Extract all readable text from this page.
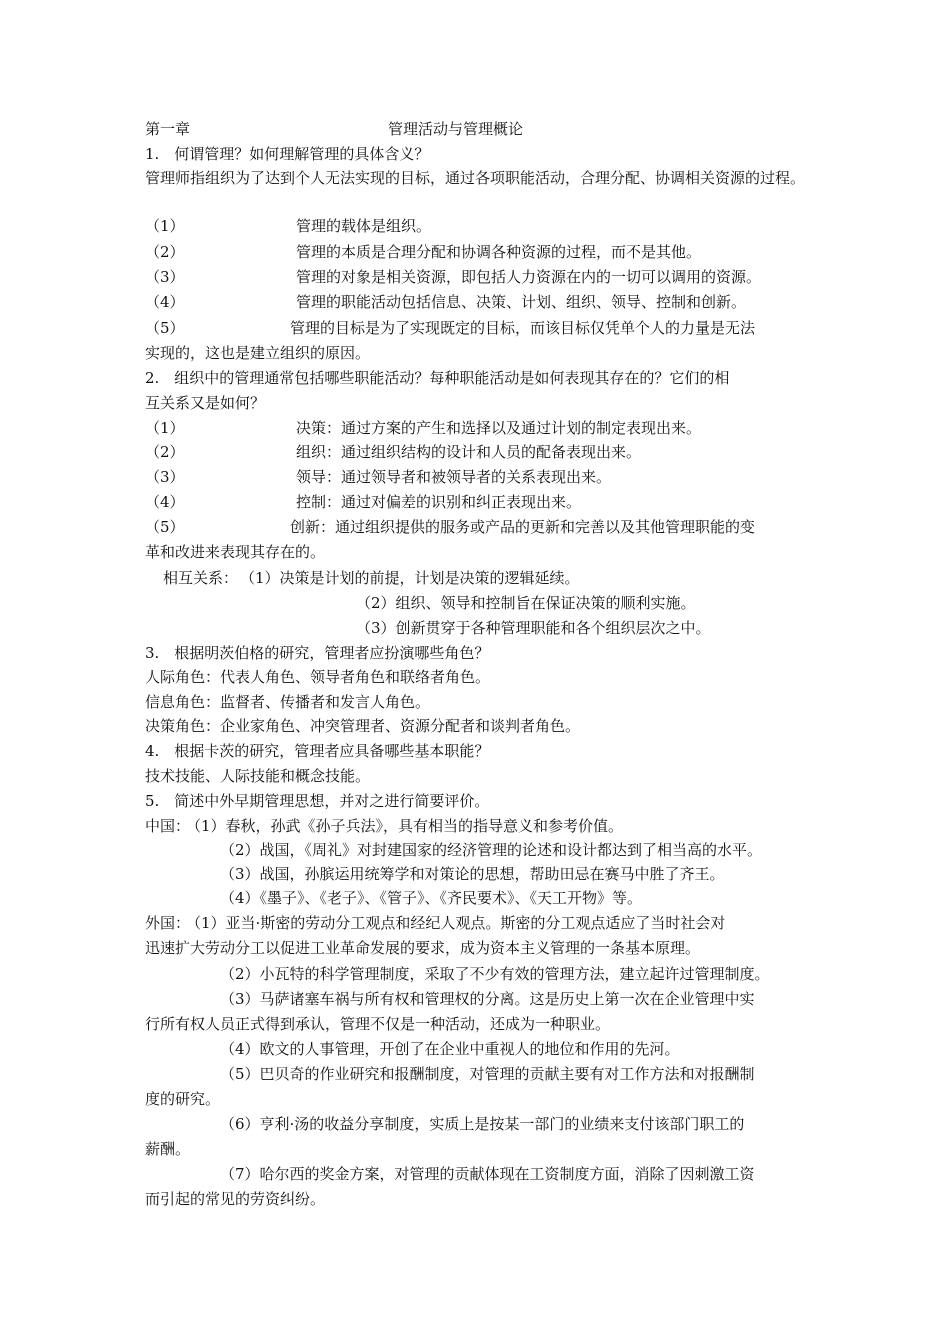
第一章	管理活动与管理概论
1.　何谓管理？如何理解管理的具体含义？
管理师指组织为了达到个人无法实现的目标，通过各项职能活动，合理分配、协调相关资源的过程。
（1）	管理的载体是组织。
（2）	管理的本质是合理分配和协调各种资源的过程，而不是其他。
（3）	管理的对象是相关资源，即包括人力资源在内的一切可以调用的资源。
（4）	管理的职能活动包括信息、决策、计划、组织、领导、控制和创新。
（5）	管理的目标是为了实现既定的目标，而该目标仅凭单个人的力量是无法
实现的，这也是建立组织的原因。
2.　组织中的管理通常包括哪些职能活动？每种职能活动是如何表现其存在的？它们的相
互关系又是如何？
（1）	决策：通过方案的产生和选择以及通过计划的制定表现出来。
（2）	组织：通过组织结构的设计和人员的配备表现出来。
（3）	领导：通过领导者和被领导者的关系表现出来。
（4）	控制：通过对偏差的识别和纠正表现出来。
（5）	创新：通过组织提供的服务或产品的更新和完善以及其他管理职能的变
革和改进来表现其存在的。
相互关系： （1）决策是计划的前提，计划是决策的逻辑延续。
（2）组织、领导和控制旨在保证决策的顺利实施。
（3）创新贯穿于各种管理职能和各个组织层次之中。
3.　根据明茨伯格的研究，管理者应扮演哪些角色？
人际角色：代表人角色、领导者角色和联络者角色。
信息角色：监督者、传播者和发言人角色。
决策角色：企业家角色、冲突管理者、资源分配者和谈判者角色。
4.　根据卡茨的研究，管理者应具备哪些基本职能？
技术技能、人际技能和概念技能。
5.　简述中外早期管理思想，并对之进行简要评价。
中国：
（1）春秋，孙武《孙子兵法》，具有相当的指导意义和参考价值。
（2）战国，《周礼》对封建国家的经济管理的论述和设计都达到了相当高的水平。
（3）战国，孙膑运用统筹学和对策论的思想，帮助田忌在赛马中胜了齐王。
（4）《墨子》、《老子》、《管子》、《齐民要术》、《天工开物》等。
外国：
（1）亚当·斯密的劳动分工观点和经纪人观点。斯密的分工观点适应了当时社会对
迅速扩大劳动分工以促进工业革命发展的要求，成为资本主义管理的一条基本原理。
（2）小瓦特的科学管理制度，采取了不少有效的管理方法，建立起许过管理制度。
（3）马萨诸塞车祸与所有权和管理权的分离。这是历史上第一次在企业管理中实
行所有权人员正式得到承认，管理不仅是一种活动，还成为一种职业。
（4）欧文的人事管理，开创了在企业中重视人的地位和作用的先河。
（5）巴贝奇的作业研究和报酬制度，对管理的贡献主要有对工作方法和对报酬制
度的研究。
（6）亨利·汤的收益分享制度，实质上是按某一部门的业绩来支付该部门职工的
薪酬。
（7）哈尔西的奖金方案，对管理的贡献体现在工资制度方面，消除了因刺激工资
而引起的常见的劳资纠纷。
